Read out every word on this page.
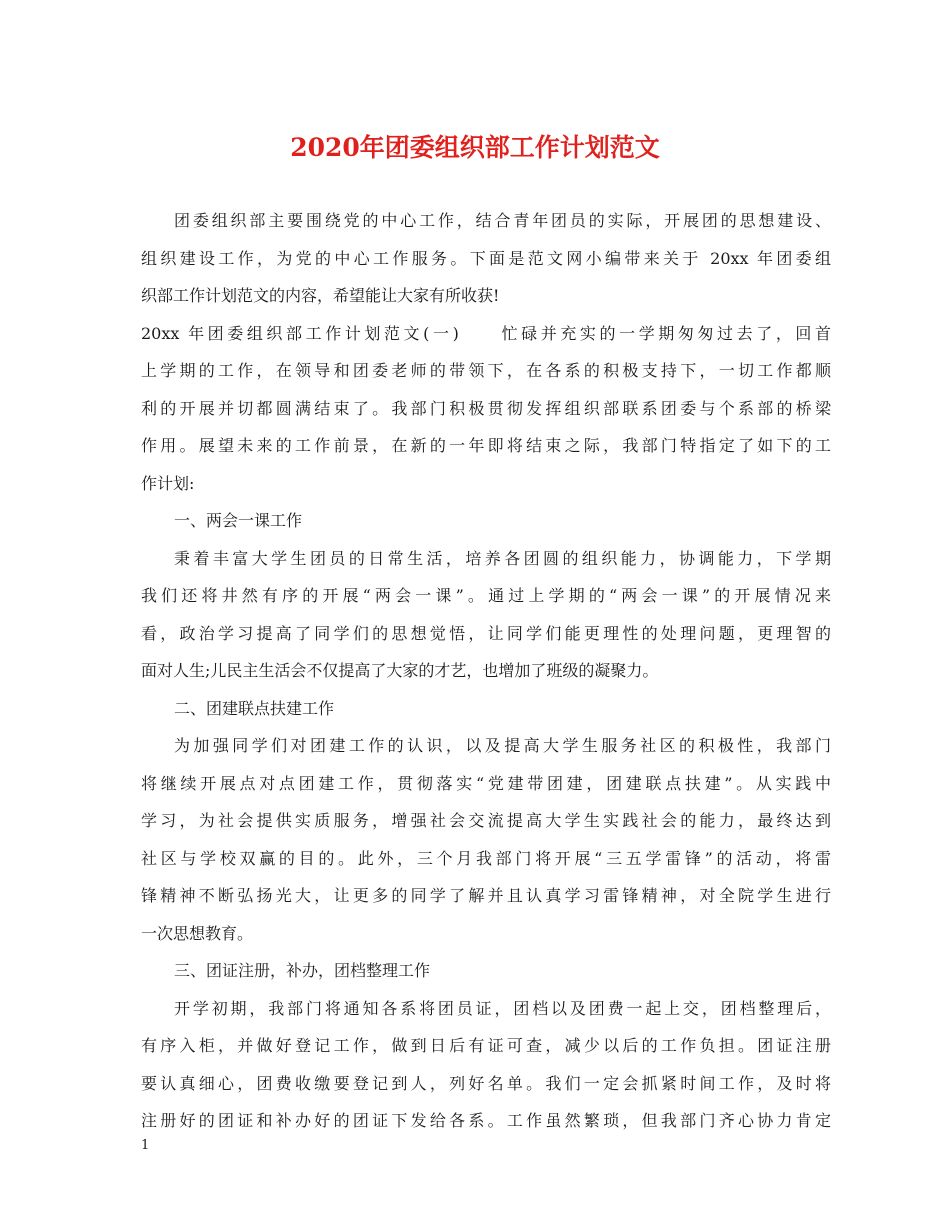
2020年团委组织部工作计划范文
团委组织部主要围绕党的中心工作，结合青年团员的实际，开展团的思想建设、
组织建设工作，为党的中心工作服务。下面是范文网小编带来关于 20xx 年团委组
织部工作计划范文的内容，希望能让大家有所收获!
20xx 年团委组织部工作计划范文(一)　　忙碌并充实的一学期匆匆过去了，回首
上学期的工作，在领导和团委老师的带领下，在各系的积极支持下，一切工作都顺
利的开展并切都圆满结束了。我部门积极贯彻发挥组织部联系团委与个系部的桥梁
作用。展望未来的工作前景，在新的一年即将结束之际，我部门特指定了如下的工
作计划:
一、两会一课工作
秉着丰富大学生团员的日常生活，培养各团圆的组织能力，协调能力，下学期
我们还将井然有序的开展“两会一课”。通过上学期的“两会一课”的开展情况来
看，政治学习提高了同学们的思想觉悟，让同学们能更理性的处理问题，更理智的
面对人生;儿民主生活会不仅提高了大家的才艺，也增加了班级的凝聚力。
二、团建联点扶建工作
为加强同学们对团建工作的认识，以及提高大学生服务社区的积极性，我部门
将继续开展点对点团建工作，贯彻落实“党建带团建，团建联点扶建”。从实践中
学习，为社会提供实质服务，增强社会交流提高大学生实践社会的能力，最终达到
社区与学校双赢的目的。此外，三个月我部门将开展“三五学雷锋”的活动，将雷
锋精神不断弘扬光大，让更多的同学了解并且认真学习雷锋精神，对全院学生进行
一次思想教育。
三、团证注册，补办，团档整理工作
开学初期，我部门将通知各系将团员证，团档以及团费一起上交，团档整理后，
有序入柜，并做好登记工作，做到日后有证可查，减少以后的工作负担。团证注册
要认真细心，团费收缴要登记到人，列好名单。我们一定会抓紧时间工作，及时将
注册好的团证和补办好的团证下发给各系。工作虽然繁琐，但我部门齐心协力肯定
1
